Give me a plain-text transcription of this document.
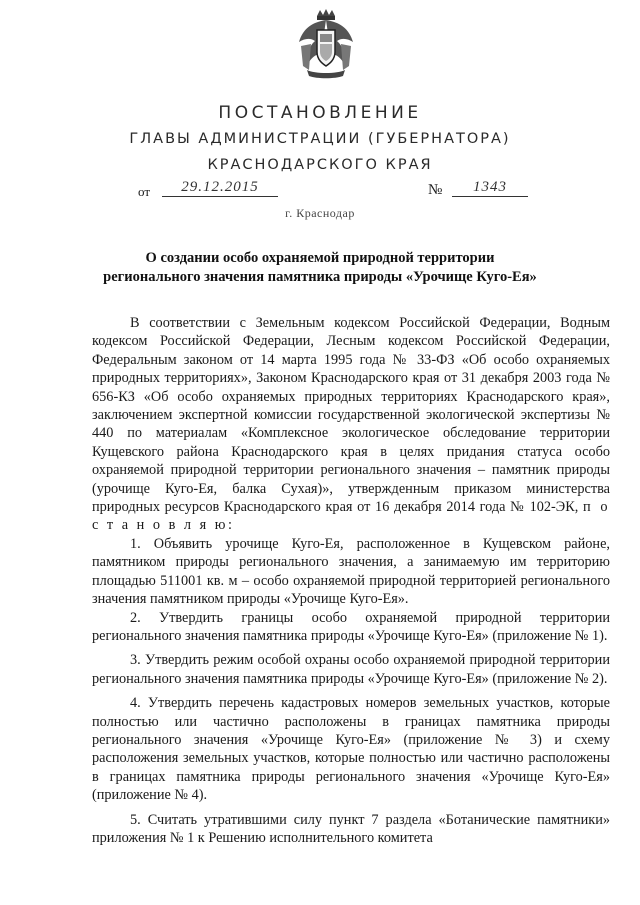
ПОСТАНОВЛЕНИЕ
ГЛАВЫ АДМИНИСТРАЦИИ (ГУБЕРНАТОРА)
КРАСНОДАРСКОГО КРАЯ
от	29.12.2015	№	1343
г. Краснодар
О создании особо охраняемой природной территории
регионального значения памятника природы «Урочище Куго-Ея»

В соответствии с Земельным кодексом Российской Федерации, Водным кодексом Российской Федерации, Лесным кодексом Российской Федерации, Федеральным законом от 14 марта 1995 года № 33-ФЗ «Об особо охраняемых природных территориях», Законом Краснодарского края от 31 декабря 2003 года № 656-КЗ «Об особо охраняемых природных территориях Краснодарского края», заключением экспертной комиссии государственной экологической экспертизы № 440 по материалам «Комплексное экологическое обследование территории Кущевского района Краснодарского края в целях придания статуса особо охраняемой природной территории регионального значения – памятник природы (урочище Куго-Ея, балка Сухая)», утвержденным приказом министерства природных ресурсов Краснодарского края от 16 декабря 2014 года № 102-ЭК, п о с т а н о в л я ю:

1. Объявить урочище Куго-Ея, расположенное в Кущевском районе, памятником природы регионального значения, а занимаемую им территорию площадью 511001 кв. м – особо охраняемой природной территорией регионального значения памятником природы «Урочище Куго-Ея».

2. Утвердить границы особо охраняемой природной территории регионального значения памятника природы «Урочище Куго-Ея» (приложение № 1).

3. Утвердить режим особой охраны особо охраняемой природной территории регионального значения памятника природы «Урочище Куго-Ея» (приложение № 2).

4. Утвердить перечень кадастровых номеров земельных участков, которые полностью или частично расположены в границах памятника природы регионального значения «Урочище Куго-Ея» (приложение № 3) и схему расположения земельных участков, которые полностью или частично расположены в границах памятника природы регионального значения «Урочище Куго-Ея» (приложение № 4).

5. Считать утратившими силу пункт 7 раздела «Ботанические памятники» приложения № 1 к Решению исполнительного комитета
